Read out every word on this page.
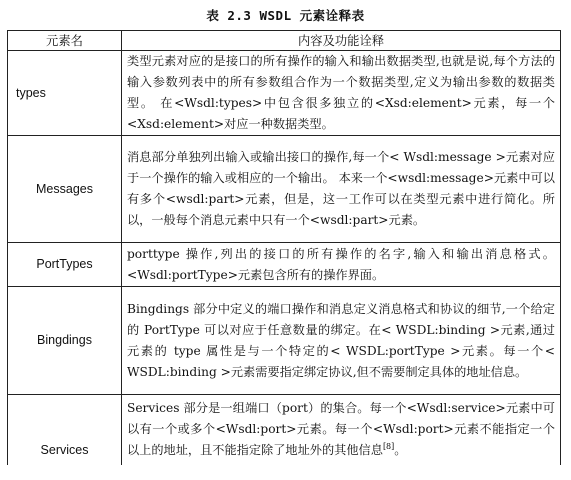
表 2.3 WSDL 元素诠释表
元素名	内容及功能诠释
types	类型元素对应的是接口的所有操作的输入和输出数据类型,也就是说,每个方法的输入参数列表中的所有参数组合作为一个数据类型,定义为输出参数的数据类型。 在<Wsdl:types>中包含很多独立的<Xsd:element>元素，每一个<Xsd:element>对应一种数据类型。
Messages	消息部分单独列出输入或输出接口的操作,每一个< Wsdl:message >元素对应于一个操作的输入或相应的一个输出。 本来一个<wsdl:message>元素中可以有多个<wsdl:part>元素，但是，这一工作可以在类型元素中进行简化。所以，一般每个消息元素中只有一个<wsdl:part>元素。
PortTypes	porttype 操作,列出的接口的所有操作的名字,输入和输出消息格式。<Wsdl:portType>元素包含所有的操作界面。
Bingdings	Bingdings 部分中定义的端口操作和消息定义消息格式和协议的细节,一个给定的 PortType 可以对应于任意数量的绑定。在< WSDL:binding >元素,通过元素的 type 属性是与一个特定的< WSDL:portType >元素。每一个< WSDL:binding >元素需要指定绑定协议,但不需要制定具体的地址信息。
Services	Services 部分是一组端口（port）的集合。每一个<Wsdl:service>元素中可以有一个或多个<Wsdl:port>元素。每一个<Wsdl:port>元素不能指定一个以上的地址，且不能指定除了地址外的其他信息[8]。
